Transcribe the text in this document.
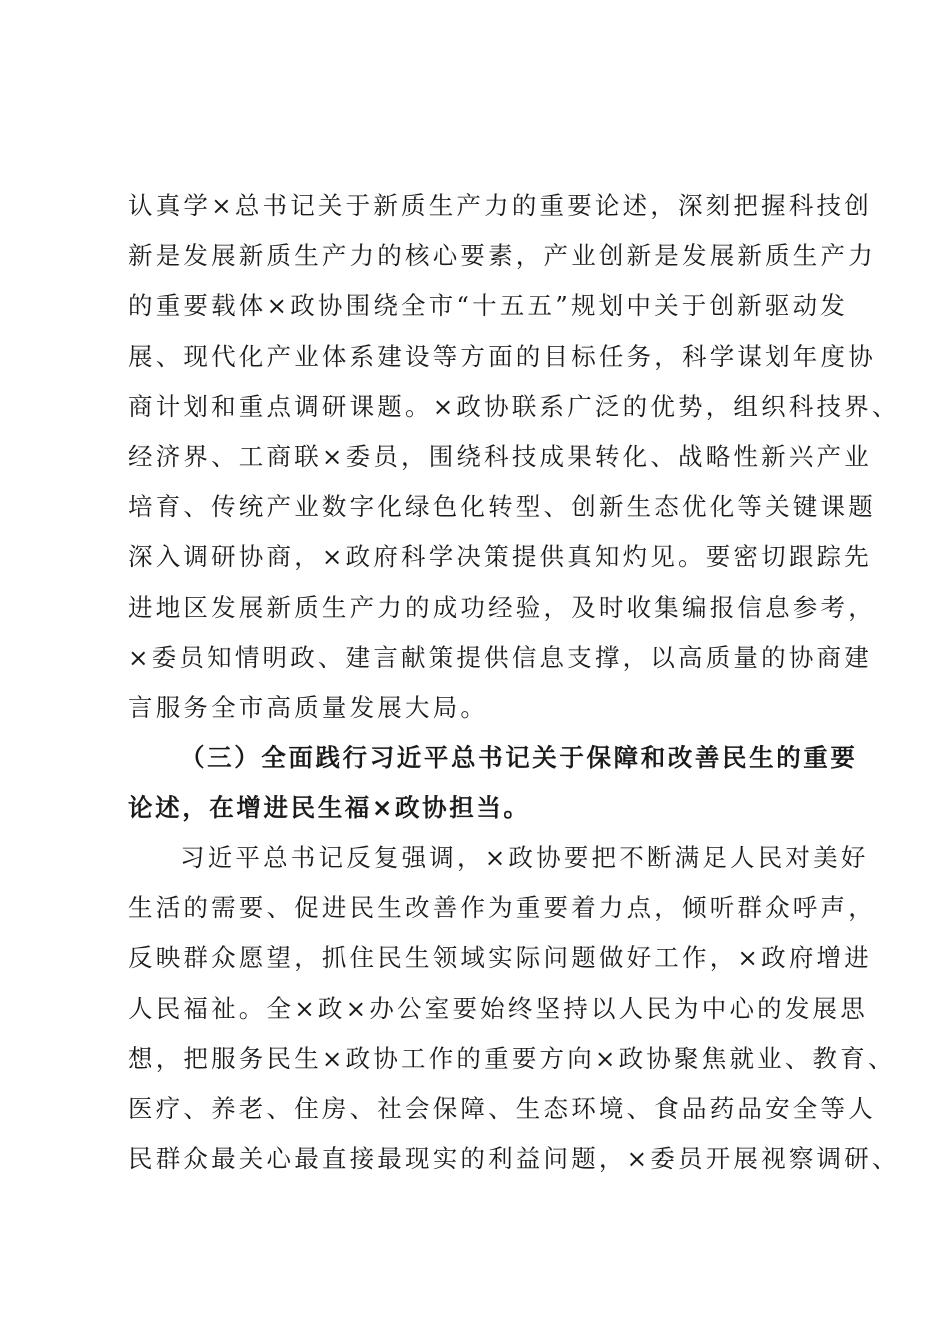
认真学×总书记关于新质生产力的重要论述，深刻把握科技创
新是发展新质生产力的核心要素，产业创新是发展新质生产力
的重要载体×政协围绕全市“十五五”规划中关于创新驱动发
展、现代化产业体系建设等方面的目标任务，科学谋划年度协
商计划和重点调研课题。×政协联系广泛的优势，组织科技界、
经济界、工商联×委员，围绕科技成果转化、战略性新兴产业
培育、传统产业数字化绿色化转型、创新生态优化等关键课题
深入调研协商，×政府科学决策提供真知灼见。要密切跟踪先
进地区发展新质生产力的成功经验，及时收集编报信息参考，
×委员知情明政、建言献策提供信息支撑，以高质量的协商建
言服务全市高质量发展大局。
（三）全面践行习近平总书记关于保障和改善民生的重要
论述，在增进民生福×政协担当。
习近平总书记反复强调，×政协要把不断满足人民对美好
生活的需要、促进民生改善作为重要着力点，倾听群众呼声，
反映群众愿望，抓住民生领域实际问题做好工作，×政府增进
人民福祉。全×政×办公室要始终坚持以人民为中心的发展思
想，把服务民生×政协工作的重要方向×政协聚焦就业、教育、
医疗、养老、住房、社会保障、生态环境、食品药品安全等人
民群众最关心最直接最现实的利益问题，×委员开展视察调研、
